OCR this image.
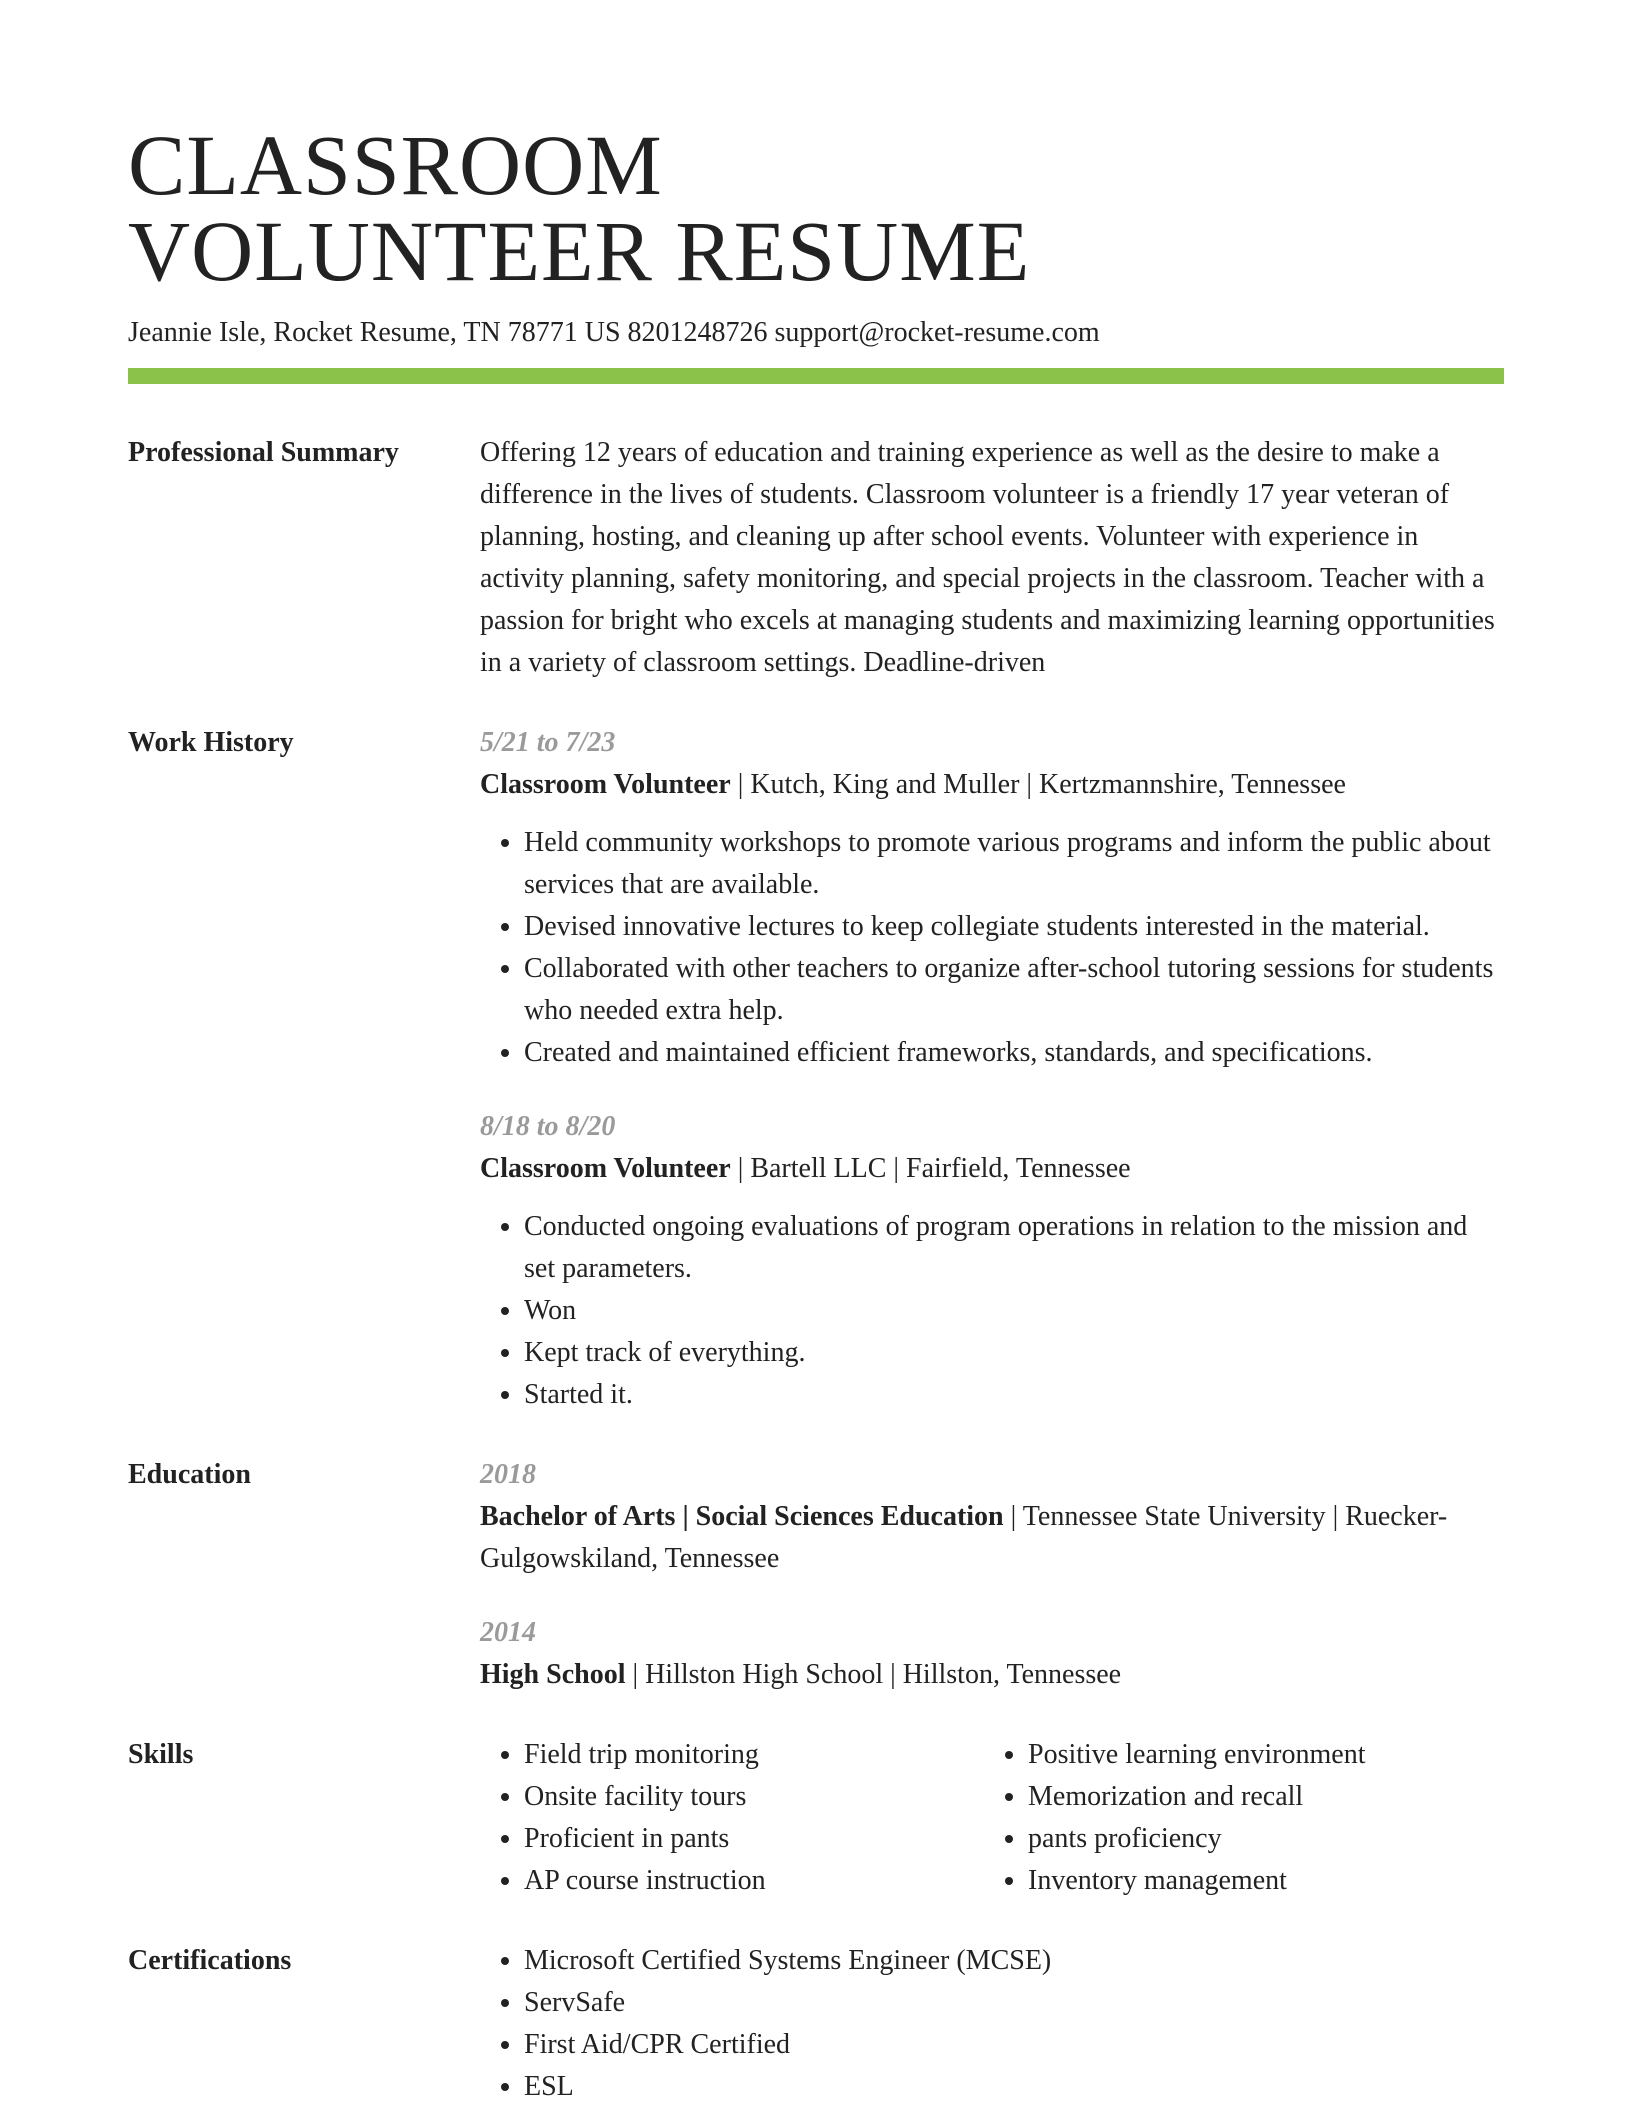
CLASSROOM
VOLUNTEER RESUME
Jeannie Isle, Rocket Resume, TN 78771 US 8201248726 support@rocket-resume.com
Professional Summary	Offering 12 years of education and training experience as well as the desire to make a difference in the lives of students. Classroom volunteer is a friendly 17 year veteran of planning, hosting, and cleaning up after school events. Volunteer with experience in activity planning, safety monitoring, and special projects in the classroom. Teacher with a passion for bright who excels at managing students and maximizing learning opportunities in a variety of classroom settings. Deadline-driven

Work History	5/21 to 7/23
Classroom Volunteer | Kutch, King and Muller | Kertzmannshire, Tennessee
• Held community workshops to promote various programs and inform the public about services that are available.
• Devised innovative lectures to keep collegiate students interested in the material.
• Collaborated with other teachers to organize after-school tutoring sessions for students who needed extra help.
• Created and maintained efficient frameworks, standards, and specifications.
8/18 to 8/20
Classroom Volunteer | Bartell LLC | Fairfield, Tennessee
• Conducted ongoing evaluations of program operations in relation to the mission and set parameters.
• Won
• Kept track of everything.
• Started it.
Education	2018
Bachelor of Arts | Social Sciences Education | Tennessee State University | Ruecker-Gulgowskiland, Tennessee
2014
High School | Hillston High School | Hillston, Tennessee
Skills	• Field trip monitoring
• Onsite facility tours
• Proficient in pants
• AP course instruction
• Positive learning environment
• Memorization and recall
• pants proficiency
• Inventory management
Certifications	• Microsoft Certified Systems Engineer (MCSE)
• ServSafe
• First Aid/CPR Certified
• ESL
